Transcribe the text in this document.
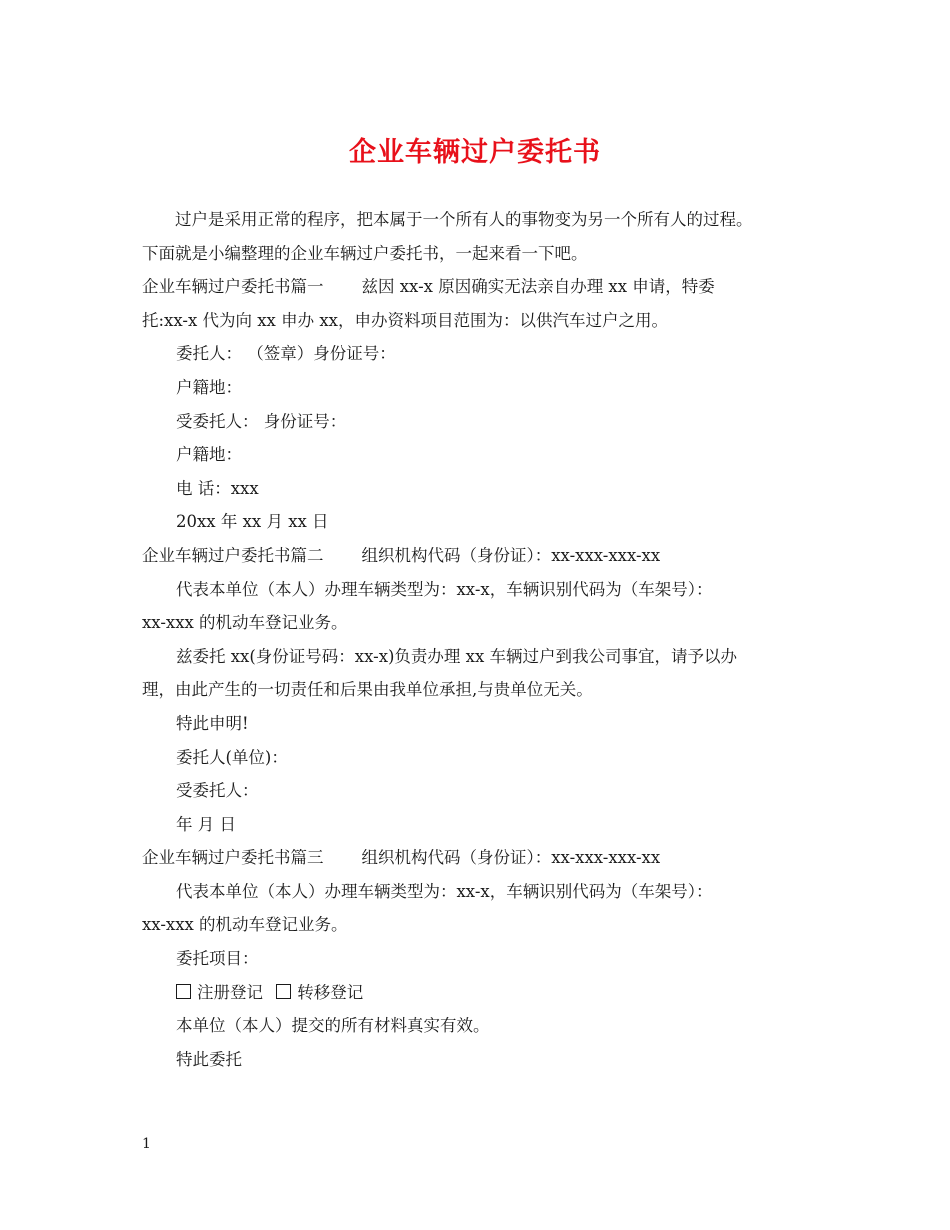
企业车辆过户委托书

过户是采用正常的程序，把本属于一个所有人的事物变为另一个所有人的过程。

下面就是小编整理的企业车辆过户委托书，一起来看一下吧。

企业车辆过户委托书篇一 兹因 xx-x 原因确实无法亲自办理 xx 申请，特委

托:xx-x 代为向 xx 申办 xx，申办资料项目范围为：以供汽车过户之用。

委托人： （签章）身份证号：

户籍地：

受委托人： 身份证号：

户籍地：

电 话：xxx

20xx 年 xx 月 xx 日

企业车辆过户委托书篇二 组织机构代码（身份证）：xx-xxx-xxx-xx

代表本单位（本人）办理车辆类型为：xx-x，车辆识别代码为（车架号）：

xx-xxx 的机动车登记业务。

兹委托 xx(身份证号码：xx-x)负责办理 xx 车辆过户到我公司事宜，请予以办

理，由此产生的一切责任和后果由我单位承担,与贵单位无关。

特此申明!

委托人(单位)：

受委托人：

年 月 日

企业车辆过户委托书篇三 组织机构代码（身份证）：xx-xxx-xxx-xx

代表本单位（本人）办理车辆类型为：xx-x，车辆识别代码为（车架号）：

xx-xxx 的机动车登记业务。

委托项目：

注册登记 转移登记

本单位（本人）提交的所有材料真实有效。

特此委托

1
